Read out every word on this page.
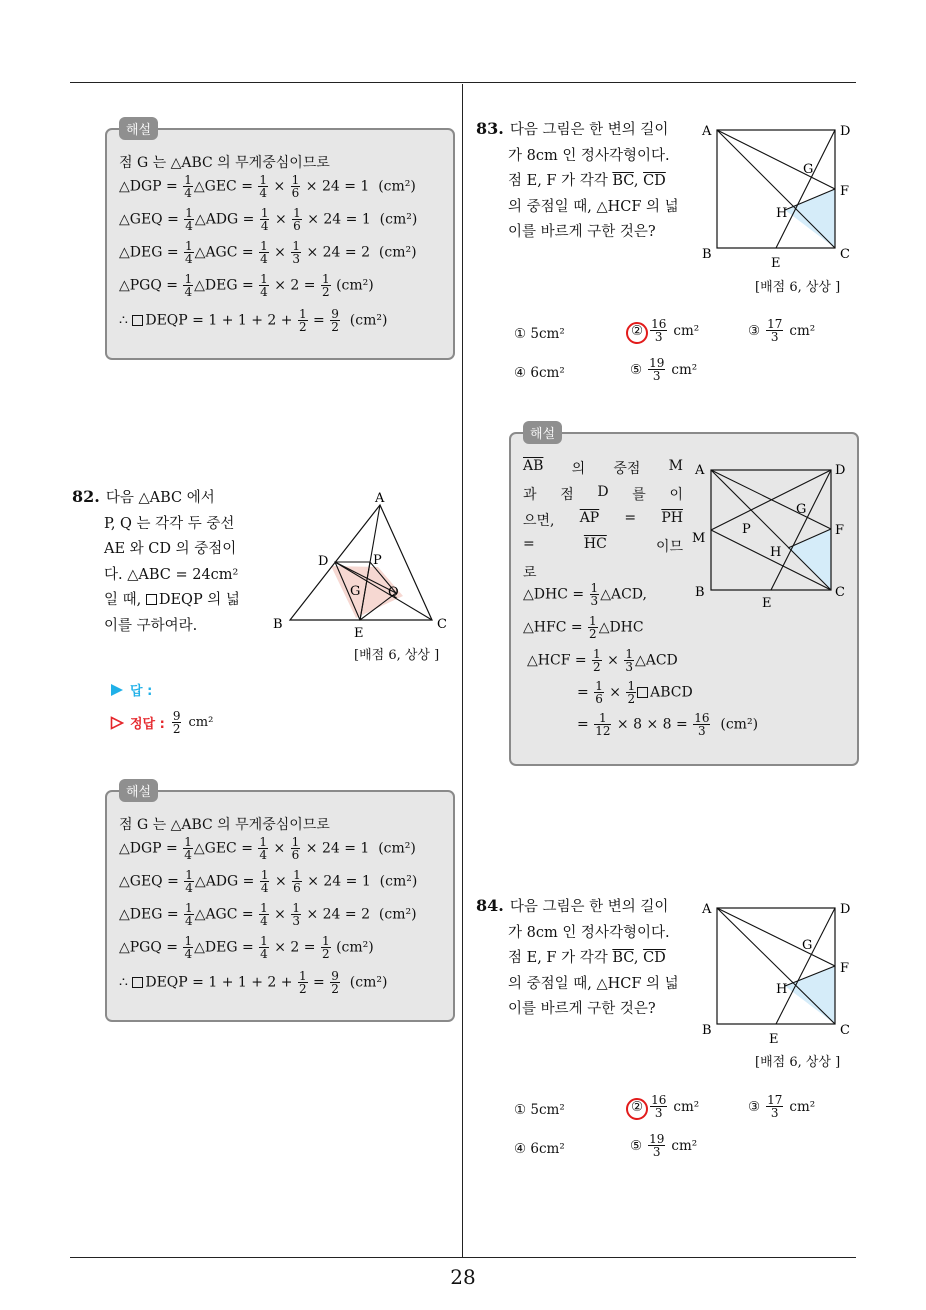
28
해설
점 G 는 △ABC 의 무게중심이므로
△DGP = $\frac{1}{4}$ △GEC = $\frac{1}{4} \times \frac{1}{6} \times 24 = 1$ (cm²)
△GEQ = $\frac{1}{4}$ △ADG = $\frac{1}{4} \times \frac{1}{6} \times 24 = 1$ (cm²)
△DEG = $\frac{1}{4}$ △AGC = $\frac{1}{4} \times \frac{1}{3} \times 24 = 2$ (cm²)
△PGQ = $\frac{1}{4}$ △DEG = $\frac{1}{4} \times 2 = \frac{1}{2} (cm^2)$
∴ DEQP = $1 + 1 + 2 + \frac{1}{2} = \frac{9}{2} (cm^2)$
82. 다음 △ABC 에서
P, Q 는 각각 두 중선
AE 와 CD 의 중점이
다. △ABC = 24cm²
일 때, DEQP 의 넓
이를 구하여라.
A
B	C
D
E
P
Q
G
[배점 6, 상상 ]
답 :
정답 : $\frac{9}{2} cm^2$
해설
점 G 는 △ABC 의 무게중심이므로
△DGP = $\frac{1}{4}$ △GEC = $\frac{1}{4} \times \frac{1}{6} \times 24 = 1$ (cm²)
△GEQ = $\frac{1}{4}$ △ADG = $\frac{1}{4} \times \frac{1}{6} \times 24 = 1$ (cm²)
△DEG = $\frac{1}{4}$ △AGC = $\frac{1}{4} \times \frac{1}{3} \times 24 = 2$ (cm²)
△PGQ = $\frac{1}{4}$ △DEG = $\frac{1}{4} \times 2 = \frac{1}{2} (cm^2)$
∴ DEQP = $1 + 1 + 2 + \frac{1}{2} = \frac{9}{2} (cm^2)$
83. 다음 그림은 한 변의 길이
가 8cm 인 정사각형이다.
점 E, F 가 각각 $\overline{BC}$, $\overline{CD}$
의 중점일 때, △HCF 의 넓
이를 바르게 구한 것은?
A	D
B	C
E
F
G
H
[배점 6, 상상 ]
① 5cm²	② $\frac{16}{3} cm^2$	③ $\frac{17}{3} cm^2$
④ 6cm²	⑤ $\frac{19}{3} cm^2$
해설
$\overline{AB}$ 의 중점 M
과 점 D 를 이
으면, $\overline{AP} = \overline{PH}$
=	$\overline{HC}$	이므
로
△DHC = $\frac{1}{3}$ △ACD,
△HFC = $\frac{1}{2}$ △DHC
△HCF = $\frac{1}{2} \times \frac{1}{3}$ △ACD
= $\frac{1}{6} \times \frac{1}{2}$ ABCD
= $\frac{1}{12} \times 8 \times 8 = \frac{16}{3} (cm^2)$
A	D
B	C
E
F
G
H
M
P
84. 다음 그림은 한 변의 길이
가 8cm 인 정사각형이다.
점 E, F 가 각각 $\overline{BC}$, $\overline{CD}$
의 중점일 때, △HCF 의 넓
이를 바르게 구한 것은?
A	D
B	C
E
F
G
H
[배점 6, 상상 ]
① 5cm²	② $\frac{16}{3} cm^2$	③ $\frac{17}{3} cm^2$
④ 6cm²	⑤ $\frac{19}{3} cm^2$
